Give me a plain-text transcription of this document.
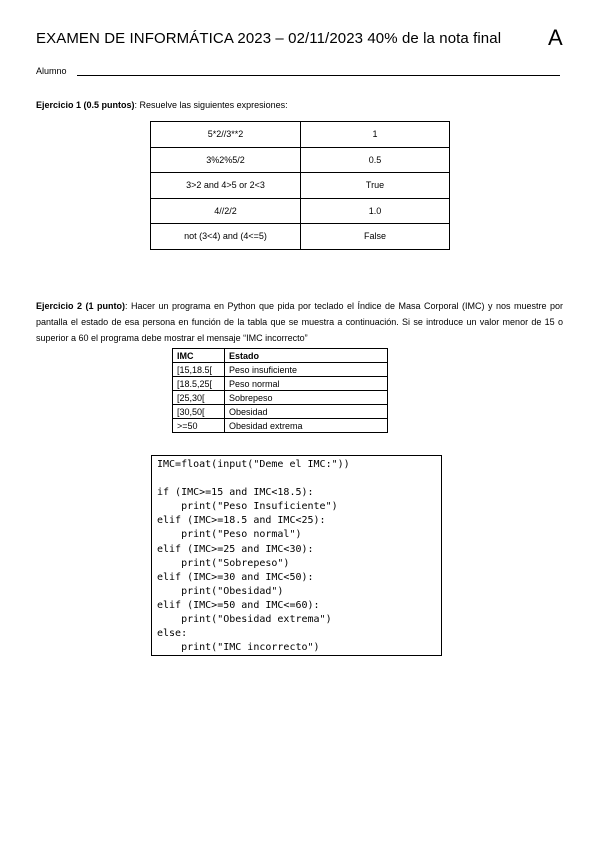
EXAMEN DE INFORMÁTICA 2023 – 02/11/2023 40% de la nota final A
Alumno
Ejercicio 1 (0.5 puntos): Resuelve las siguientes expresiones:
5*2//3**2	1
3%2%5/2	0.5
3>2 and 4>5 or 2<3	True
4//2/2	1.0
not (3<4) and (4<=5)	False
Ejercicio 2 (1 punto): Hacer un programa en Python que pida por teclado el Índice de Masa Corporal (IMC) y nos muestre por pantalla el estado de esa persona en función de la tabla que se muestra a continuación. Si se introduce un valor menor de 15 o superior a 60 el programa debe mostrar el mensaje “IMC incorrecto”
IMC	Estado
[15,18.5[	Peso insuficiente
[18.5,25[	Peso normal
[25,30[	Sobrepeso
[30,50[	Obesidad
>=50	Obesidad extrema
IMC=float(input("Deme el IMC:"))
if (IMC>=15 and IMC<18.5):
print("Peso Insuficiente")
elif (IMC>=18.5 and IMC<25):
print("Peso normal")
elif (IMC>=25 and IMC<30):
print("Sobrepeso")
elif (IMC>=30 and IMC<50):
print("Obesidad")
elif (IMC>=50 and IMC<=60):
print("Obesidad extrema")
else:
print("IMC incorrecto")
